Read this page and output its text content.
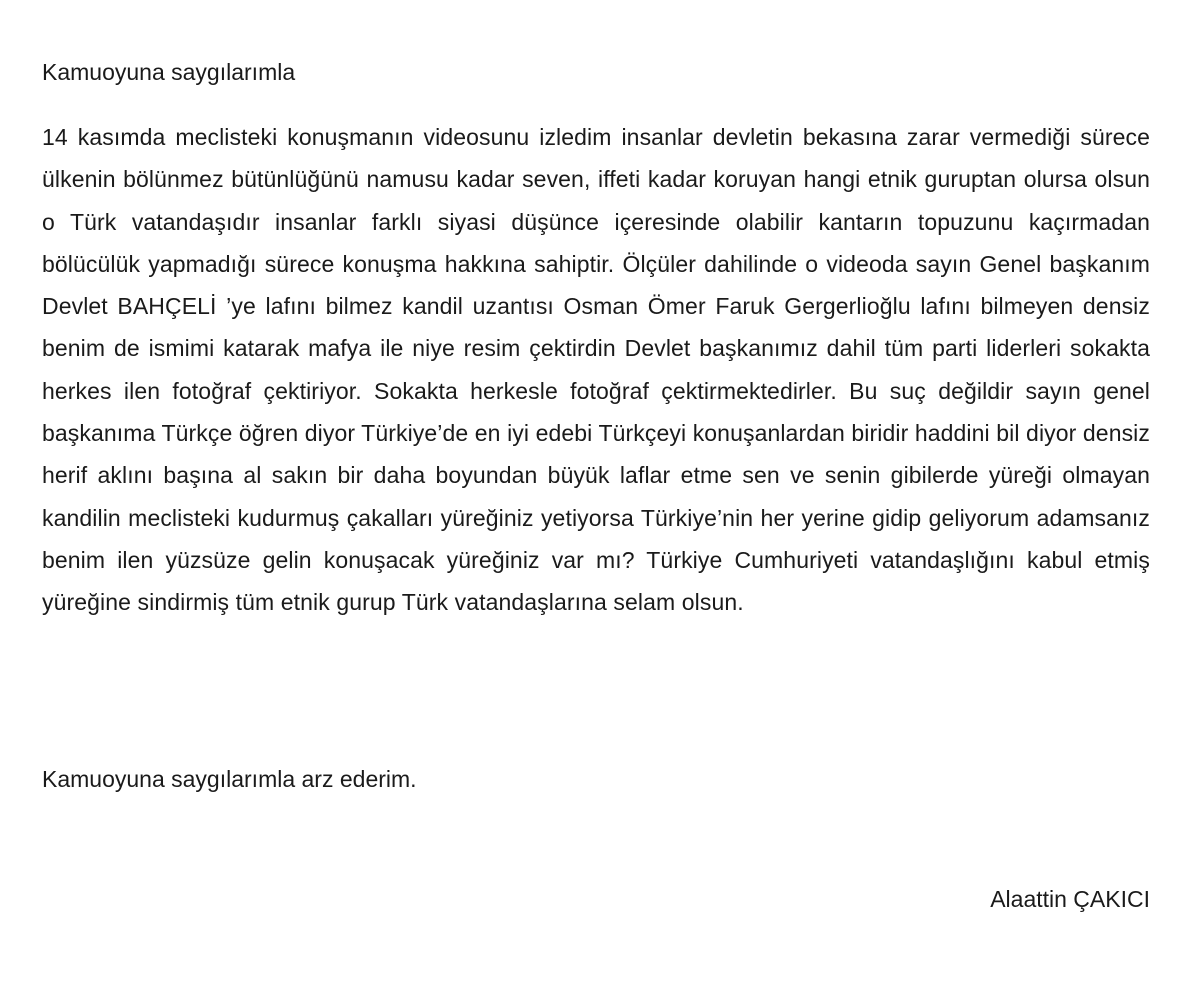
Kamuoyuna saygılarımla

14 kasımda meclisteki konuşmanın videosunu izledim insanlar devletin bekasına zarar vermediği sürece ülkenin bölünmez bütünlüğünü namusu kadar seven, iffeti kadar koruyan hangi etnik guruptan olursa olsun o Türk vatandaşıdır insanlar farklı siyasi düşünce içeresinde olabilir kantarın topuzunu kaçırmadan bölücülük yapmadığı sürece konuşma hakkına sahiptir. Ölçüler dahilinde o videoda sayın Genel başkanım Devlet BAHÇELİ ’ye lafını bilmez kandil uzantısı Osman Ömer Faruk Gergerlioğlu lafını bilmeyen densiz benim de ismimi katarak mafya ile niye resim çektirdin Devlet başkanımız dahil tüm parti liderleri sokakta herkes ilen fotoğraf çektiriyor. Sokakta herkesle fotoğraf çektirmektedirler. Bu suç değildir sayın genel başkanıma Türkçe öğren diyor Türkiye’de en iyi edebi Türkçeyi konuşanlardan biridir haddini bil diyor densiz herif aklını başına al sakın bir daha boyundan büyük laflar etme sen ve senin gibilerde yüreği olmayan kandilin meclisteki kudurmuş çakalları yüreğiniz yetiyorsa Türkiye’nin her yerine gidip geliyorum adamsanız benim ilen yüzsüze gelin konuşacak yüreğiniz var mı? Türkiye Cumhuriyeti vatandaşlığını kabul etmiş yüreğine sindirmiş tüm etnik gurup Türk vatandaşlarına selam olsun.

Kamuoyuna saygılarımla arz ederim.

Alaattin ÇAKICI
